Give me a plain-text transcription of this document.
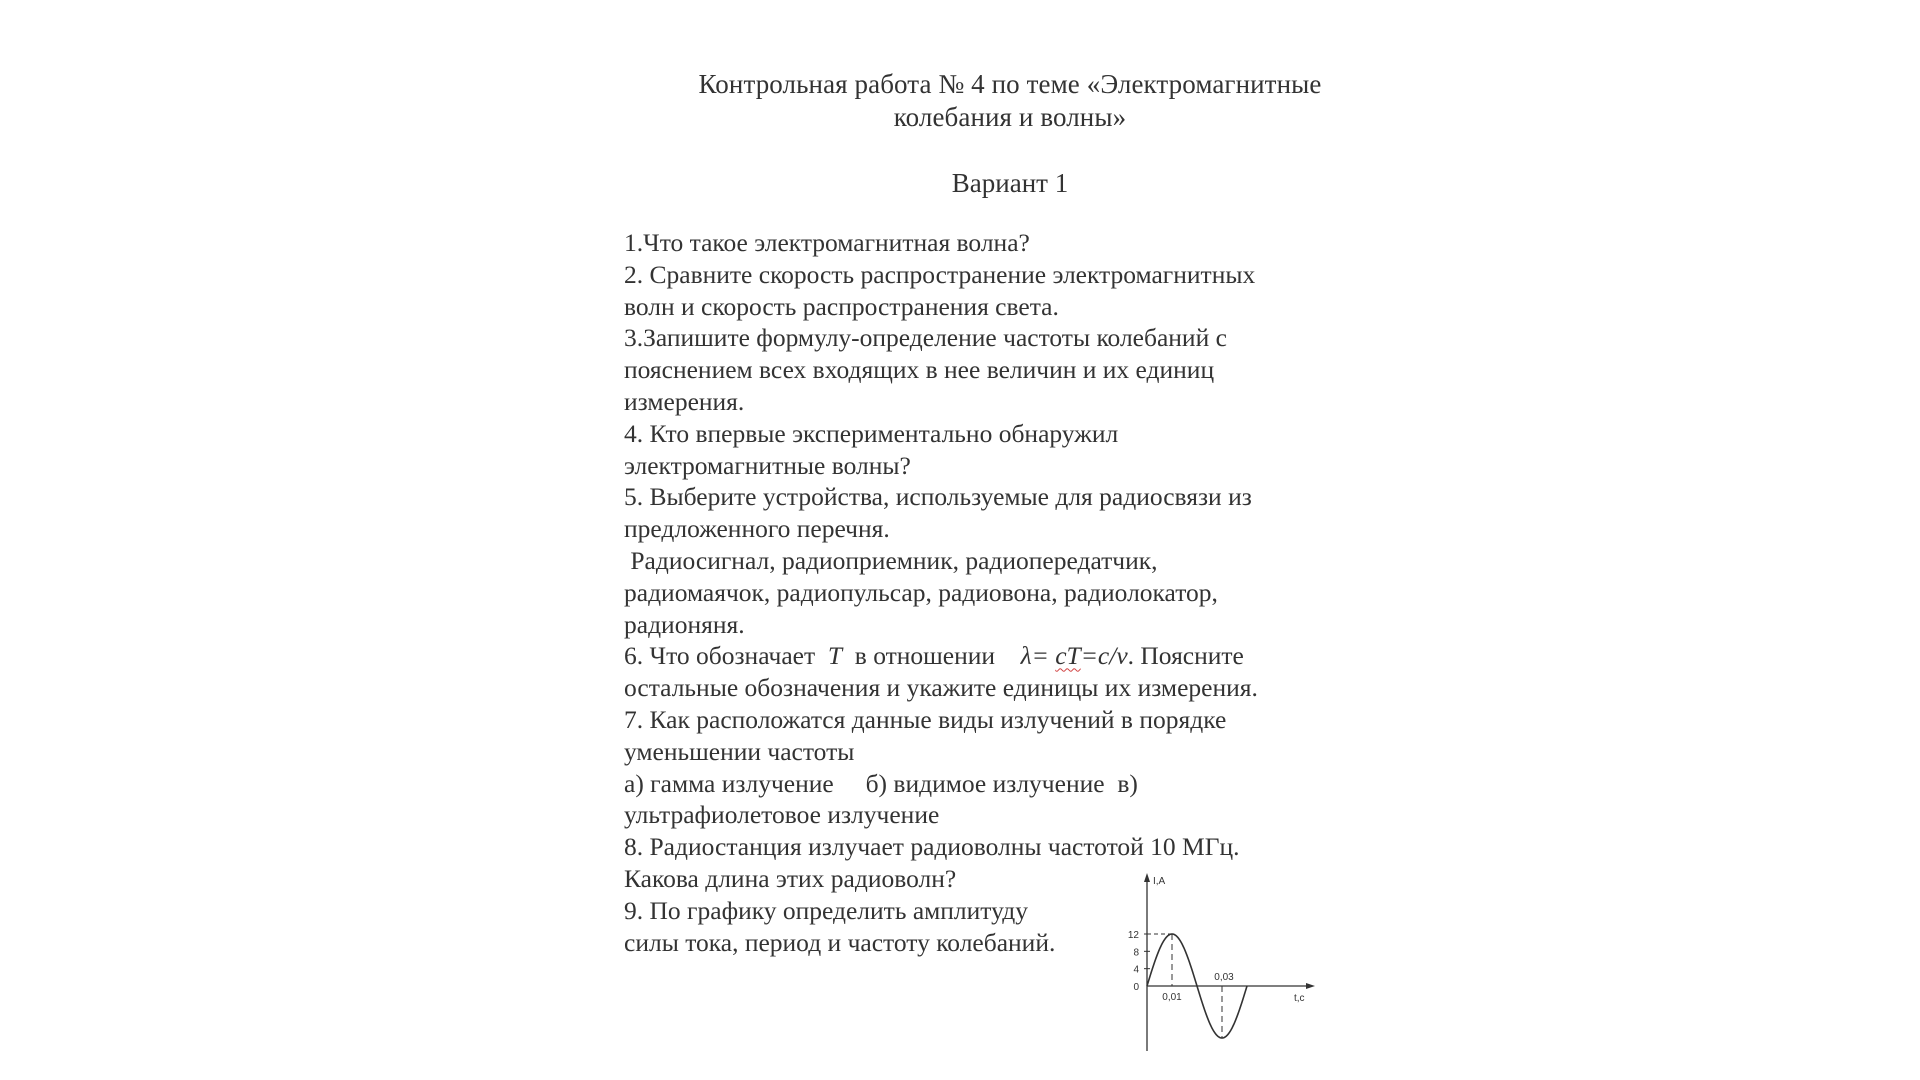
Контрольная работа № 4 по теме «Электромагнитные
колебания и волны»
Вариант 1
1.Что такое электромагнитная волна?
2. Сравните скорость распространение электромагнитных
волн и скорость распространения света.
3.Запишите формулу-определение частоты колебаний с
пояснением всех входящих в нее величин и их единиц
измерения.
4. Кто впервые экспериментально обнаружил
электромагнитные волны?
5. Выберите устройства, используемые для радиосвязи из
предложенного перечня.
Радиосигнал, радиоприемник, радиопередатчик,
радиомаячок, радиопульсар, радиовона, радиолокатор,
радионяня.
6. Что обозначает  T  в отношении    λ= cT=c/ν. Поясните
остальные обозначения и укажите единицы их измерения.
7. Как расположатся данные виды излучений в порядке
уменьшении частоты
а) гамма излучение     б) видимое излучение  в)
ультрафиолетовое излучение
8. Радиостанция излучает радиоволны частотой 10 МГц.
Какова длина этих радиоволн?
9. По графику определить амплитуду
силы тока, период и частоту колебаний.
I,A
t,c
12
8
4
0
0,01
0,03
